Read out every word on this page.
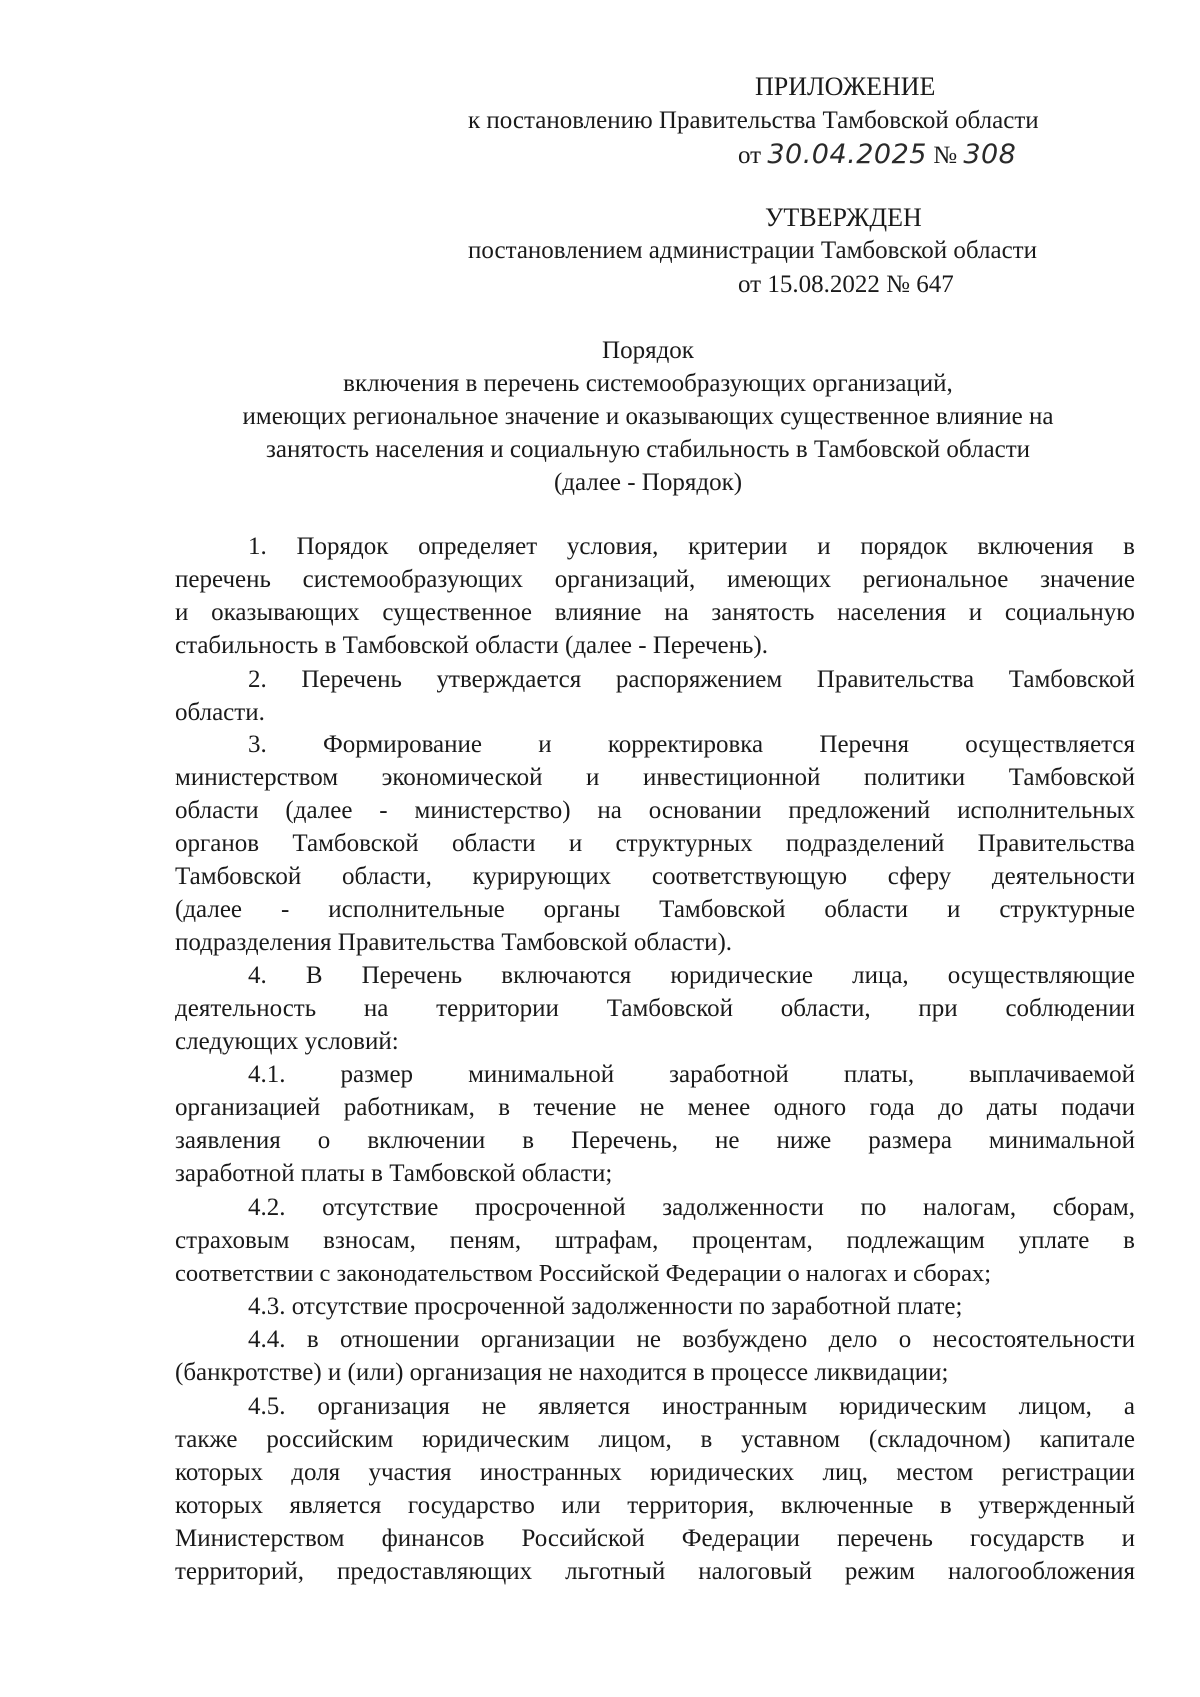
ПРИЛОЖЕНИЕ
к постановлению Правительства Тамбовской области
от 30.04.2025 № 308
УТВЕРЖДЕН
постановлением администрации Тамбовской области
от 15.08.2022 № 647
Порядок
включения в перечень системообразующих организаций,
имеющих региональное значение и оказывающих существенное влияние на
занятость населения и социальную стабильность в Тамбовской области
(далее - Порядок)
1. Порядок определяет условия, критерии и порядок включения в
перечень системообразующих организаций, имеющих региональное значение
и оказывающих существенное влияние на занятость населения и социальную
стабильность в Тамбовской области (далее - Перечень).
2. Перечень утверждается распоряжением Правительства Тамбовской
области.
3. Формирование и корректировка Перечня осуществляется
министерством экономической и инвестиционной политики Тамбовской
области (далее - министерство) на основании предложений исполнительных
органов Тамбовской области и структурных подразделений Правительства
Тамбовской области, курирующих соответствующую сферу деятельности
(далее - исполнительные органы Тамбовской области и структурные
подразделения Правительства Тамбовской области).
4. В Перечень включаются юридические лица, осуществляющие
деятельность на территории Тамбовской области, при соблюдении
следующих условий:
4.1. размер минимальной заработной платы, выплачиваемой
организацией работникам, в течение не менее одного года до даты подачи
заявления о включении в Перечень, не ниже размера минимальной
заработной платы в Тамбовской области;
4.2. отсутствие просроченной задолженности по налогам, сборам,
страховым взносам, пеням, штрафам, процентам, подлежащим уплате в
соответствии с законодательством Российской Федерации о налогах и сборах;
4.3. отсутствие просроченной задолженности по заработной плате;
4.4. в отношении организации не возбуждено дело о несостоятельности
(банкротстве) и (или) организация не находится в процессе ликвидации;
4.5. организация не является иностранным юридическим лицом, а
также российским юридическим лицом, в уставном (складочном) капитале
которых доля участия иностранных юридических лиц, местом регистрации
которых является государство или территория, включенные в утвержденный
Министерством финансов Российской Федерации перечень государств и
территорий, предоставляющих льготный налоговый режим налогообложения
